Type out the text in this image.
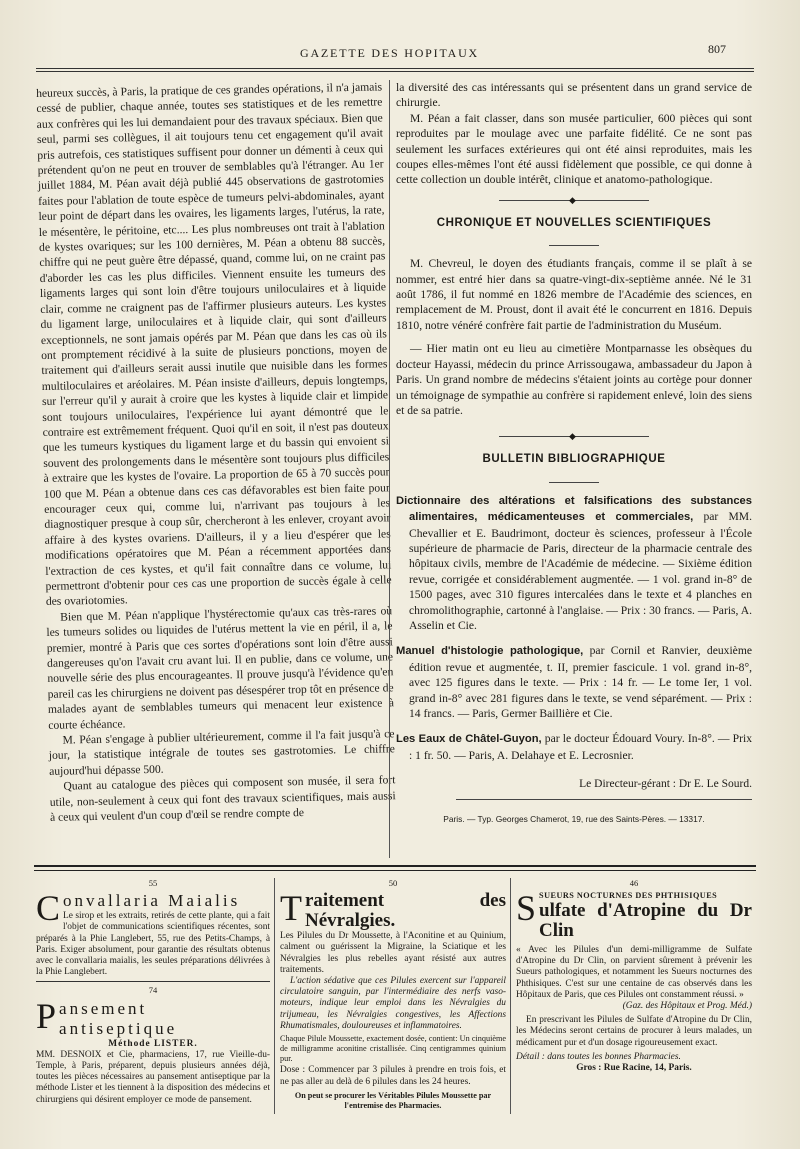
GAZETTE DES HOPITAUX	807

heureux succès, à Paris, la pratique de ces grandes opérations, il n'a jamais cessé de publier, chaque année, toutes ses statistiques et de les remettre aux confrères qui les lui demandaient pour des travaux spéciaux. Bien que seul, parmi ses collègues, il ait toujours tenu cet engagement qu'il avait pris autrefois, ces statistiques suffisent pour donner un démenti à ceux qui prétendent qu'on ne peut en trouver de semblables qu'à l'étranger. Au 1er juillet 1884, M. Péan avait déjà publié 445 observations de gastrotomies faites pour l'ablation de toute espèce de tumeurs pelvi-abdominales, ayant leur point de départ dans les ovaires, les ligaments larges, l'utérus, la rate, le mésentère, le péritoine, etc.... Les plus nombreuses ont trait à l'ablation de kystes ovariques; sur les 100 dernières, M. Péan a obtenu 88 succès, chiffre qui ne peut guère être dépassé, quand, comme lui, on ne craint pas d'aborder les cas les plus difficiles. Viennent ensuite les tumeurs des ligaments larges qui sont loin d'être toujours uniloculaires et à liquide clair, comme ne craignent pas de l'affirmer plusieurs auteurs. Les kystes du ligament large, uniloculaires et à liquide clair, qui sont d'ailleurs exceptionnels, ne sont jamais opérés par M. Péan que dans les cas où ils ont promptement récidivé à la suite de plusieurs ponctions, moyen de traitement qui d'ailleurs serait aussi inutile que nuisible dans les formes multiloculaires et aréolaires. M. Péan insiste d'ailleurs, depuis longtemps, sur l'erreur qu'il y aurait à croire que les kystes à liquide clair et limpide sont toujours uniloculaires, l'expérience lui ayant démontré que le contraire est extrêmement fréquent. Quoi qu'il en soit, il n'est pas douteux que les tumeurs kystiques du ligament large et du bassin qui envoient si souvent des prolongements dans le mésentère sont toujours plus difficiles à extraire que les kystes de l'ovaire. La proportion de 65 à 70 succès pour 100 que M. Péan a obtenue dans ces cas défavorables est bien faite pour encourager ceux qui, comme lui, n'arrivant pas toujours à les diagnostiquer presque à coup sûr, chercheront à les enlever, croyant avoir affaire à des kystes ovariens. D'ailleurs, il y a lieu d'espérer que les modifications opératoires que M. Péan a récemment apportées dans l'extraction de ces kystes, et qu'il fait connaître dans ce volume, lui permettront d'obtenir pour ces cas une proportion de succès égale à celle des ovariotomies.

Bien que M. Péan n'applique l'hystérectomie qu'aux cas très-rares où les tumeurs solides ou liquides de l'utérus mettent la vie en péril, il a, le premier, montré à Paris que ces sortes d'opérations sont loin d'être aussi dangereuses qu'on l'avait cru avant lui. Il en publie, dans ce volume, une nouvelle série des plus encourageantes. Il prouve jusqu'à l'évidence qu'en pareil cas les chirurgiens ne doivent pas désespérer trop tôt en présence de malades ayant de semblables tumeurs qui menacent leur existence à courte échéance.

M. Péan s'engage à publier ultérieurement, comme il l'a fait jusqu'à ce jour, la statistique intégrale de toutes ses gastrotomies. Le chiffre aujourd'hui dépasse 500.

Quant au catalogue des pièces qui composent son musée, il sera fort utile, non-seulement à ceux qui font des travaux scientifiques, mais aussi à ceux qui veulent d'un coup d'œil se rendre compte de

la diversité des cas intéressants qui se présentent dans un grand service de chirurgie.

M. Péan a fait classer, dans son musée particulier, 600 pièces qui sont reproduites par le moulage avec une parfaite fidélité. Ce ne sont pas seulement les surfaces extérieures qui ont été ainsi reproduites, mais les coupes elles-mêmes l'ont été aussi fidèlement que possible, ce qui donne à cette collection un double intérêt, clinique et anatomo-pathologique.

◆
CHRONIQUE ET NOUVELLES SCIENTIFIQUES

M. Chevreul, le doyen des étudiants français, comme il se plaît à se nommer, est entré hier dans sa quatre-vingt-dix-septième année. Né le 31 août 1786, il fut nommé en 1826 membre de l'Académie des sciences, en remplacement de M. Proust, dont il avait été le concurrent en 1816. Depuis 1810, notre vénéré confrère fait partie de l'administration du Muséum.

— Hier matin ont eu lieu au cimetière Montparnasse les obsèques du docteur Hayassi, médecin du prince Arrissougawa, ambassadeur du Japon à Paris. Un grand nombre de médecins s'étaient joints au cortège pour donner un témoignage de sympathie au confrère si rapidement enlevé, loin des siens et de sa patrie.

◆
BULLETIN BIBLIOGRAPHIQUE

Dictionnaire des altérations et falsifications des substances alimentaires, médicamenteuses et commerciales, par MM. Chevallier et E. Baudrimont, docteur ès sciences, professeur à l'École supérieure de pharmacie de Paris, directeur de la pharmacie centrale des hôpitaux civils, membre de l'Académie de médecine. — Sixième édition revue, corrigée et considérablement augmentée. — 1 vol. grand in-8° de 1500 pages, avec 310 figures intercalées dans le texte et 4 planches en chromolithographie, cartonné à l'anglaise. — Prix : 30 francs. — Paris, A. Asselin et Cie.

Manuel d'histologie pathologique, par Cornil et Ranvier, deuxième édition revue et augmentée, t. II, premier fascicule. 1 vol. grand in-8°, avec 125 figures dans le texte. — Prix : 14 fr. — Le tome Ier, 1 vol. grand in-8° avec 281 figures dans le texte, se vend séparément. — Prix : 14 francs. — Paris, Germer Baillière et Cie.

Les Eaux de Châtel-Guyon, par le docteur Édouard Voury. In-8°. — Prix : 1 fr. 50. — Paris, A. Delahaye et E. Lecrosnier.

Le Directeur-gérant : Dr E. Le Sourd.
Paris. — Typ. Georges Chamerot, 19, rue des Saints-Pères. — 13317.
55
C onvallaria Maialis

Le sirop et les extraits, retirés de cette plante, qui a fait l'objet de communications scientifiques récentes, sont préparés à la Phie Langlebert, 55, rue des Petits-Champs, à Paris. Exiger absolument, pour garantie des résultats obtenus avec le convallaria maialis, les seules préparations délivrées à la Phie Langlebert.

74
P ansement antiseptique
Méthode LISTER.

MM. DESNOIX et Cie, pharmaciens, 17, rue Vieille-du-Temple, à Paris, préparent, depuis plusieurs années déjà, toutes les pièces nécessaires au pansement antiseptique par la méthode Lister et les tiennent à la disposition des médecins et chirurgiens qui désirent employer ce mode de pansement.

50
T raitement des Névralgies.

Les Pilules du Dr Moussette, à l'Aconitine et au Quinium, calment ou guérissent la Migraine, la Sciatique et les Névralgies les plus rebelles ayant résisté aux autres traitements.

L'action sédative que ces Pilules exercent sur l'appareil circulatoire sanguin, par l'intermédiaire des nerfs vaso-moteurs, indique leur emploi dans les Névralgies du trijumeau, les Névralgies congestives, les Affections Rhumatismales, douloureuses et inflammatoires.

Chaque Pilule Moussette, exactement dosée, contient: Un cinquième de milligramme aconitine cristallisée. Cinq centigrammes quinium pur.

Dose : Commencer par 3 pilules à prendre en trois fois, et ne pas aller au delà de 6 pilules dans les 24 heures.

On peut se procurer les Véritables Pilules Moussette par l'entremise des Pharmacies.

46
S SUEURS NOCTURNES DES PHTHISIQUES
ulfate d'Atropine du Dr Clin

« Avec les Pilules d'un demi-milligramme de Sulfate d'Atropine du Dr Clin, on parvient sûrement à prévenir les Sueurs pathologiques, et notamment les Sueurs nocturnes des Phthisiques. C'est sur une centaine de cas observés dans les Hôpitaux de Paris, que ces Pilules ont constamment réussi. »

(Gaz. des Hôpitaux et Prog. Méd.)

En prescrivant les Pilules de Sulfate d'Atropine du Dr Clin, les Médecins seront certains de procurer à leurs malades, un médicament pur et d'un dosage rigoureusement exact.

Détail : dans toutes les bonnes Pharmacies.

Gros : Rue Racine, 14, Paris.
